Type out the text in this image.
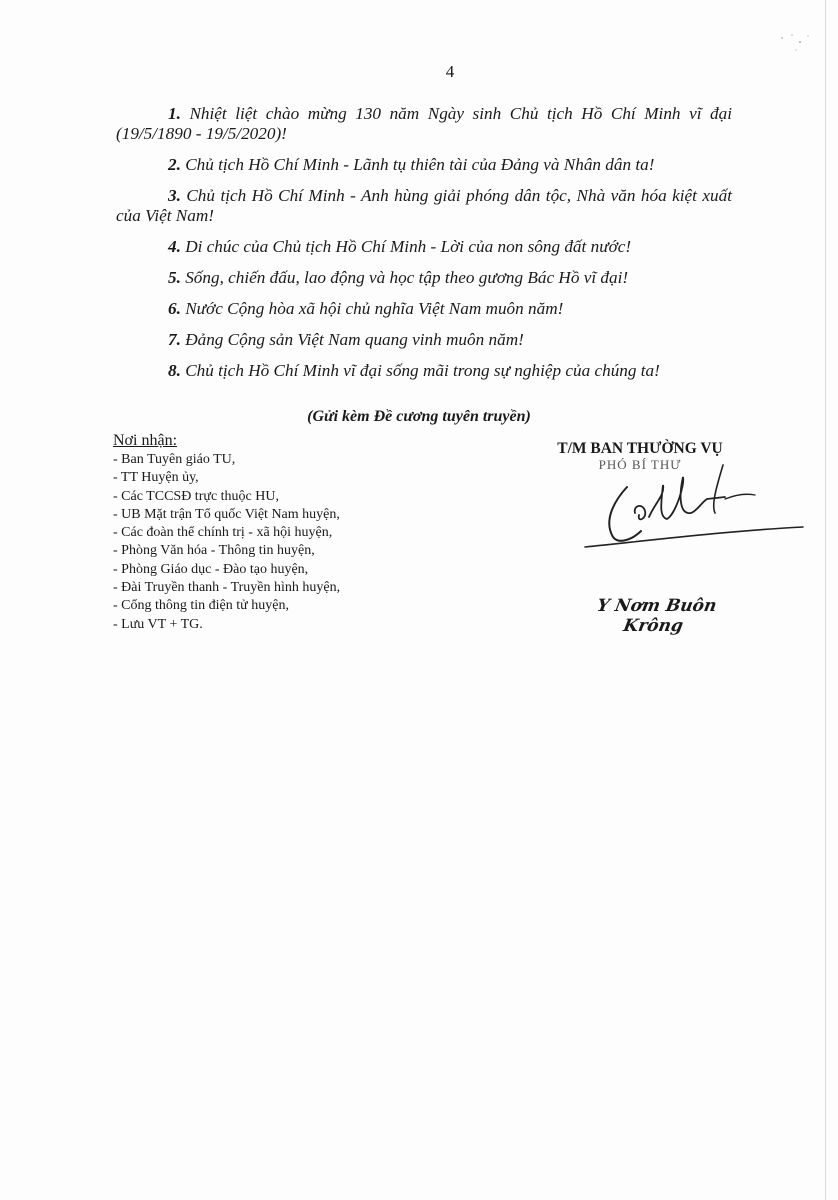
4
1. Nhiệt liệt chào mừng 130 năm Ngày sinh Chủ tịch Hồ Chí Minh vĩ đại (19/5/1890 - 19/5/2020)!
2. Chủ tịch Hồ Chí Minh - Lãnh tụ thiên tài của Đảng và Nhân dân ta!
3. Chủ tịch Hồ Chí Minh - Anh hùng giải phóng dân tộc, Nhà văn hóa kiệt xuất của Việt Nam!
4. Di chúc của Chủ tịch Hồ Chí Minh - Lời của non sông đất nước!
5. Sống, chiến đấu, lao động và học tập theo gương Bác Hồ vĩ đại!
6. Nước Cộng hòa xã hội chủ nghĩa Việt Nam muôn năm!
7. Đảng Cộng sản Việt Nam quang vinh muôn năm!
8. Chủ tịch Hồ Chí Minh vĩ đại sống mãi trong sự nghiệp của chúng ta!
(Gửi kèm Đề cương tuyên truyền)
Nơi nhận:
- Ban Tuyên giáo TU,
- TT Huyện ủy,
- Các TCCSĐ trực thuộc HU,
- UB Mặt trận Tổ quốc Việt Nam huyện,
- Các đoàn thể chính trị - xã hội huyện,
- Phòng Văn hóa - Thông tin huyện,
- Phòng Giáo dục - Đào tạo huyện,
- Đài Truyền thanh - Truyền hình huyện,
- Cổng thông tin điện tử huyện,
- Lưu VT + TG.
T/M BAN THƯỜNG VỤ
PHÓ BÍ THƯ
Y Nơm Buôn Krông
